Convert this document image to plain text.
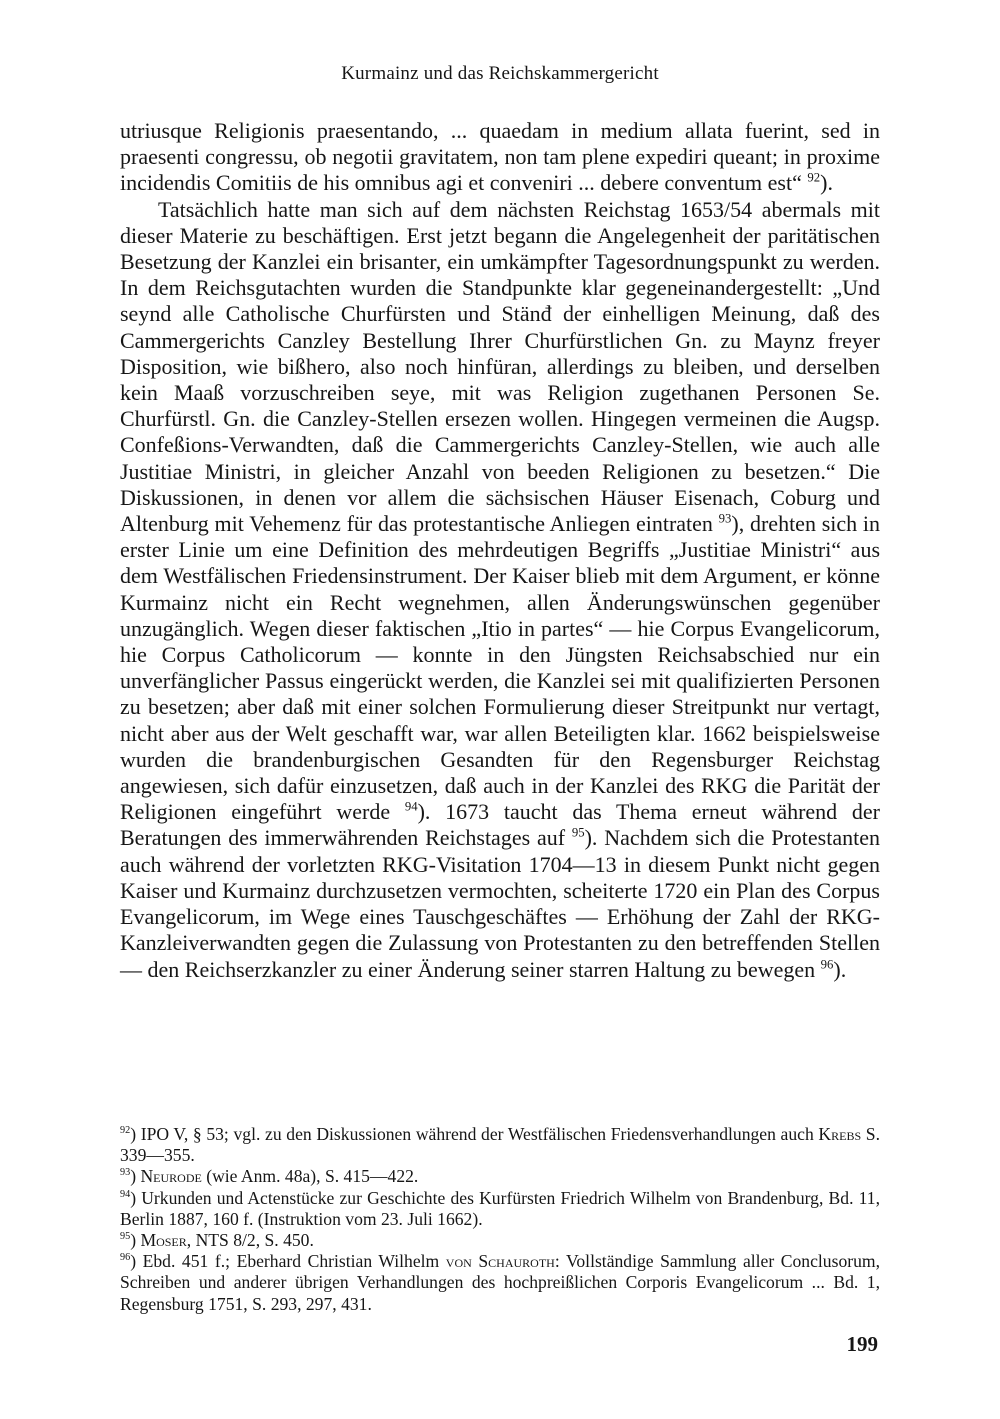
Kurmainz und das Reichskammergericht

utriusque Religionis praesentando, ... quaedam in medium allata fuerint, sed in praesenti congressu, ob negotii gravitatem, non tam plene expediri queant; in proxime incidendis Comitiis de his omnibus agi et conveniri ... debere conventum est“ $^{92}$).

Tatsächlich hatte man sich auf dem nächsten Reichstag 1653/54 abermals mit dieser Materie zu beschäftigen. Erst jetzt begann die Angelegenheit der paritätischen Besetzung der Kanzlei ein brisanter, ein umkämpfter Tagesordnungspunkt zu werden. In dem Reichsgutachten wurden die Standpunkte klar gegeneinandergestellt: „Und seynd alle Catholische Churfürsten und Stänđ der einhelligen Meinung, daß des Cammergerichts Canzley Bestellung Ihrer Churfürstlichen Gn. zu Maynz freyer Disposition, wie bißhero, also noch hinfüran, allerdings zu bleiben, und derselben kein Maaß vorzuschreiben seye, mit was Religion zugethanen Personen Se. Churfürstl. Gn. die Canzley-Stellen ersezen wollen. Hingegen vermeinen die Augsp. Confeßions-Verwandten, daß die Cammergerichts Canzley-Stellen, wie auch alle Justitiae Ministri, in gleicher Anzahl von beeden Religionen zu besetzen.“ Die Diskussionen, in denen vor allem die sächsischen Häuser Eisenach, Coburg und Altenburg mit Vehemenz für das protestantische Anliegen eintraten $^{93}$), drehten sich in erster Linie um eine Definition des mehrdeutigen Begriffs „Justitiae Ministri“ aus dem Westfälischen Friedensinstrument. Der Kaiser blieb mit dem Argument, er könne Kurmainz nicht ein Recht wegnehmen, allen Änderungswünschen gegenüber unzugänglich. Wegen dieser faktischen „Itio in partes“ — hie Corpus Evangelicorum, hie Corpus Catholicorum — konnte in den Jüngsten Reichsabschied nur ein unverfänglicher Passus eingerückt werden, die Kanzlei sei mit qualifizierten Personen zu besetzen; aber daß mit einer solchen Formulierung dieser Streitpunkt nur vertagt, nicht aber aus der Welt geschafft war, war allen Beteiligten klar. 1662 beispielsweise wurden die brandenburgischen Gesandten für den Regensburger Reichstag angewiesen, sich dafür einzusetzen, daß auch in der Kanzlei des RKG die Parität der Religionen eingeführt werde $^{94}$). 1673 taucht das Thema erneut während der Beratungen des immerwährenden Reichstages auf $^{95}$). Nachdem sich die Protestanten auch während der vorletzten RKG-Visitation 1704—13 in diesem Punkt nicht gegen Kaiser und Kurmainz durchzusetzen vermochten, scheiterte 1720 ein Plan des Corpus Evangelicorum, im Wege eines Tauschgeschäftes — Erhöhung der Zahl der RKG-Kanzleiverwandten gegen die Zulassung von Protestanten zu den betreffenden Stellen — den Reichserzkanzler zu einer Änderung seiner starren Haltung zu bewegen $^{96}$).

$^{92}$) IPO V, § 53; vgl. zu den Diskussionen während der Westfälischen Friedensverhandlungen auch Krebs S. 339—355.

$^{93}$) Neurode (wie Anm. 48a), S. 415—422.

$^{94}$) Urkunden und Actenstücke zur Geschichte des Kurfürsten Friedrich Wilhelm von Brandenburg, Bd. 11, Berlin 1887, 160 f. (Instruktion vom 23. Juli 1662).

$^{95}$) Moser, NTS 8/2, S. 450.

$^{96}$) Ebd. 451 f.; Eberhard Christian Wilhelm von Schauroth: Vollständige Sammlung aller Conclusorum, Schreiben und anderer übrigen Verhandlungen des hochpreißlichen Corporis Evangelicorum ... Bd. 1, Regensburg 1751, S. 293, 297, 431.

199
